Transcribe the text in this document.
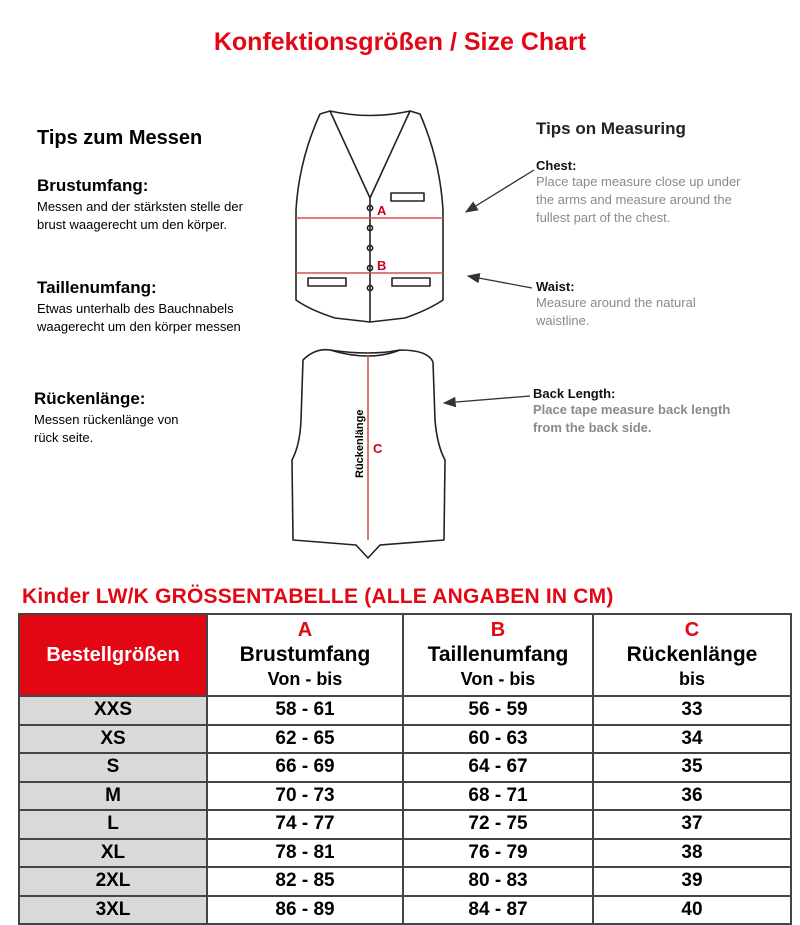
Konfektionsgrößen / Size Chart
Tips zum Messen
Brustumfang:
Messen and der stärksten stelle der
brust waagerecht um den körper.
Taillenumfang:
Etwas unterhalb des Bauchnabels
waagerecht um den körper messen
Rückenlänge:
Messen rückenlänge von
rück seite.
Tips on Measuring
Chest:
Place tape measure close up under
the arms and measure around the
fullest part of the chest.
Waist:
Measure around the natural
waistline.
Back Length:
Place tape measure back length
from the back side.
A
B
C
Rückenlänge
Kinder LW/K GRÖSSENTABELLE (ALLE ANGABEN IN CM)
Bestellgrößen	A
Brustumfang
Von - bis	B
Taillenumfang
Von - bis	C
Rückenlänge
bis

XXS	58 - 61	56 - 59	33
XS	62 - 65	60 - 63	34
S	66 - 69	64 - 67	35
M	70 - 73	68 - 71	36
L	74 - 77	72 - 75	37
XL	78 - 81	76 - 79	38
2XL	82 - 85	80 - 83	39
3XL	86 - 89	84 - 87	40
